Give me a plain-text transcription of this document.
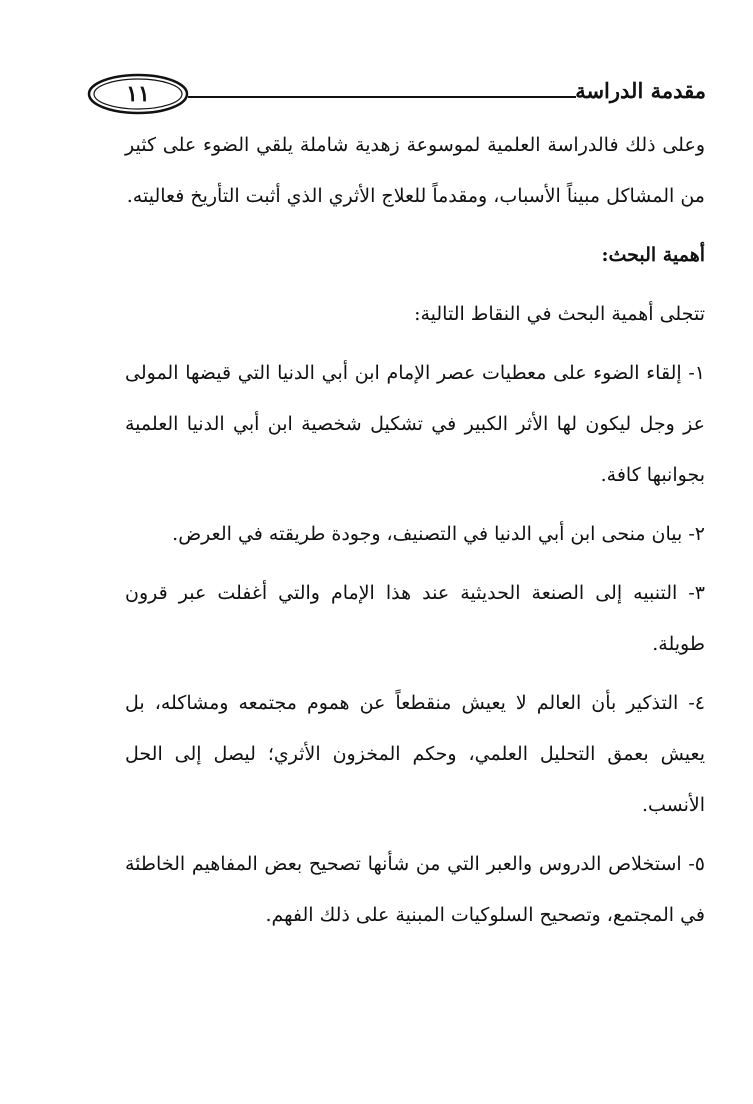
١١	مقدمة الدراسة

وعلى ذلك فالدراسة العلمية لموسوعة زهدية شاملة يلقي الضوء على كثير من المشاكل مبيناً الأسباب، ومقدماً للعلاج الأثري الذي أثبت التأريخ فعاليته.

أهمية البحث:

تتجلى أهمية البحث في النقاط التالية:

١- إلقاء الضوء على معطيات عصر الإمام ابن أبي الدنيا التي قيضها المولى عز وجل ليكون لها الأثر الكبير في تشكيل شخصية ابن أبي الدنيا العلمية بجوانبها كافة.

٢- بيان منحى ابن أبي الدنيا في التصنيف، وجودة طريقته في العرض.

٣- التنبيه إلى الصنعة الحديثية عند هذا الإمام والتي أغفلت عبر قرون طويلة.

٤- التذكير بأن العالم لا يعيش منقطعاً عن هموم مجتمعه ومشاكله، بل يعيش بعمق التحليل العلمي، وحكم المخزون الأثري؛ ليصل إلى الحل الأنسب.

٥- استخلاص الدروس والعبر التي من شأنها تصحيح بعض المفاهيم الخاطئة في المجتمع، وتصحيح السلوكيات المبنية على ذلك الفهم.
